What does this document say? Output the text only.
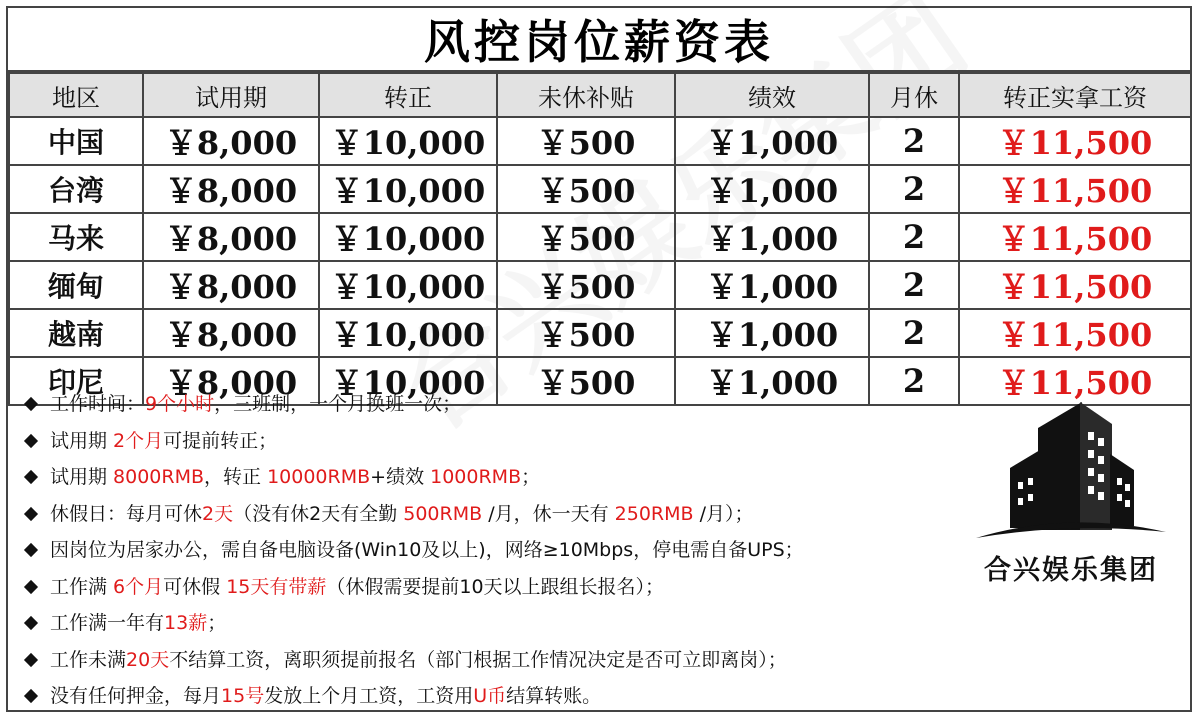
风控岗位薪资表
地区	试用期	转正	未休补贴	绩效	月休	转正实拿工资
中国	￥8,000	￥10,000	￥500	￥1,000	2	￥11,500
台湾	￥8,000	￥10,000	￥500	￥1,000	2	￥11,500
马来	￥8,000	￥10,000	￥500	￥1,000	2	￥11,500
缅甸	￥8,000	￥10,000	￥500	￥1,000	2	￥11,500
越南	￥8,000	￥10,000	￥500	￥1,000	2	￥11,500
印尼	￥8,000	￥10,000	￥500	￥1,000	2	￥11,500
工作时间：9个小时，三班制，一个月换班一次；
试用期 2个月可提前转正；
试用期 8000RMB，转正 10000RMB+绩效 1000RMB；
休假日：每月可休2天（没有休2天有全勤 500RMB /月，休一天有 250RMB /月）；
因岗位为居家办公，需自备电脑设备(Win10及以上)，网络≥10Mbps，停电需自备UPS；
工作满 6个月可休假 15天有带薪（休假需要提前10天以上跟组长报名）；
工作满一年有13薪；
工作未满20天不结算工资，离职须提前报名（部门根据工作情况决定是否可立即离岗）；
没有任何押金，每月15号发放上个月工资，工资用U币结算转账。
合兴娱乐集团
